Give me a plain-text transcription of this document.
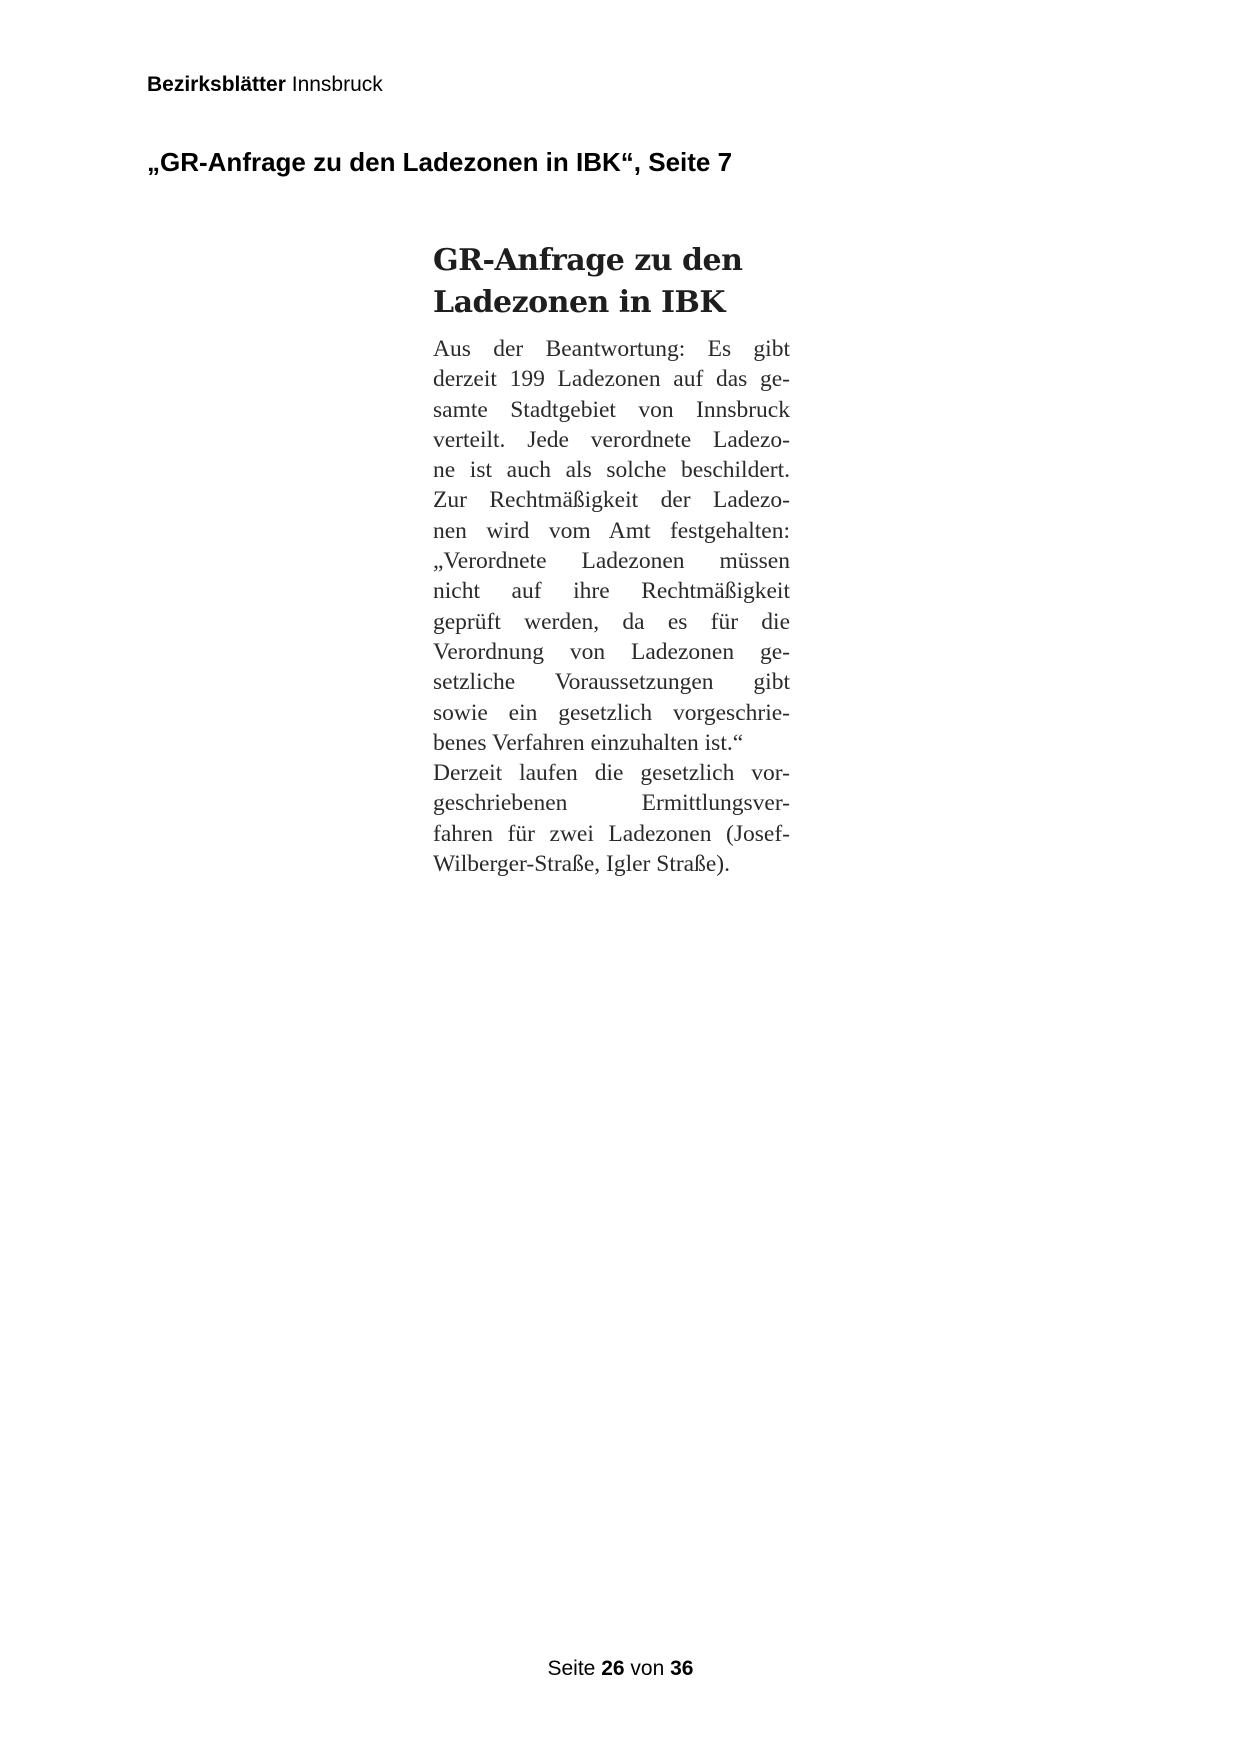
Bezirksblätter Innsbruck
„GR-Anfrage zu den Ladezonen in IBK“, Seite 7
GR-Anfrage zu den
Ladezonen in IBK
Aus der Beantwortung: Es gibt
derzeit 199 Ladezonen auf das ge-
samte Stadtgebiet von Innsbruck
verteilt. Jede verordnete Ladezo-
ne ist auch als solche beschildert.
Zur Rechtmäßigkeit der Ladezo-
nen wird vom Amt festgehalten:
„Verordnete Ladezonen müssen
nicht auf ihre Rechtmäßigkeit
geprüft werden, da es für die
Verordnung von Ladezonen ge-
setzliche Voraussetzungen gibt
sowie ein gesetzlich vorgeschrie-
benes Verfahren einzuhalten ist.“
Derzeit laufen die gesetzlich vor-
geschriebenen Ermittlungsver-
fahren für zwei Ladezonen (Josef-
Wilberger-Straße, Igler Straße).
Seite 26 von 36
